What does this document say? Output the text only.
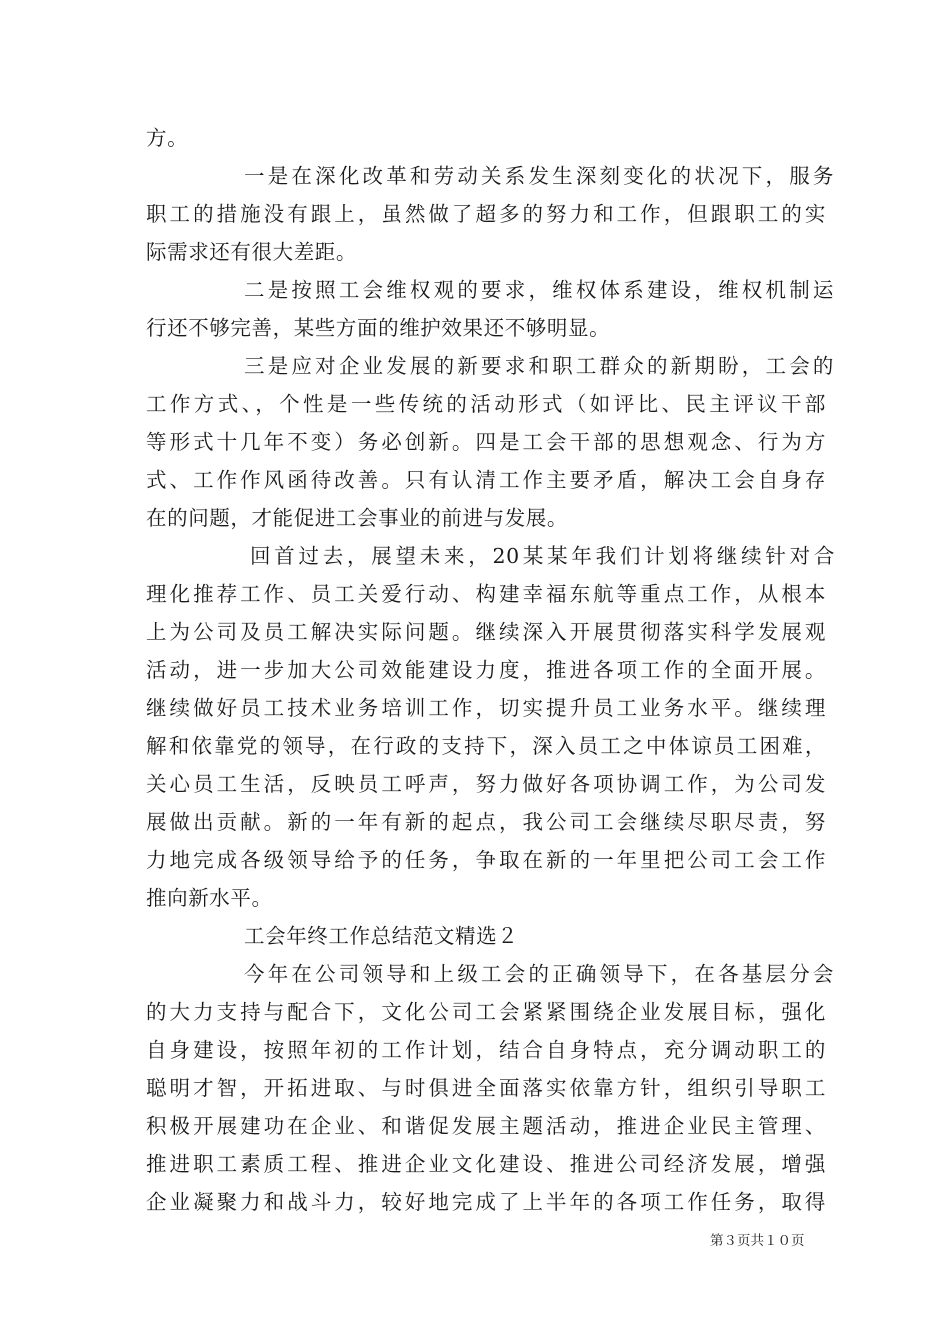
方。
一是在深化改革和劳动关系发生深刻变化的状况下，服务
职工的措施没有跟上，虽然做了超多的努力和工作，但跟职工的实
际需求还有很大差距。
二是按照工会维权观的要求，维权体系建设，维权机制运
行还不够完善，某些方面的维护效果还不够明显。
三是应对企业发展的新要求和职工群众的新期盼，工会的
工作方式、，个性是一些传统的活动形式（如评比、民主评议干部
等形式十几年不变）务必创新。四是工会干部的思想观念、行为方
式、工作作风函待改善。只有认清工作主要矛盾，解决工会自身存
在的问题，才能促进工会事业的前进与发展。
回首过去，展望未来，20某某年我们计划将继续针对合
理化推荐工作、员工关爱行动、构建幸福东航等重点工作，从根本
上为公司及员工解决实际问题。继续深入开展贯彻落实科学发展观
活动，进一步加大公司效能建设力度，推进各项工作的全面开展。
继续做好员工技术业务培训工作，切实提升员工业务水平。继续理
解和依靠党的领导，在行政的支持下，深入员工之中体谅员工困难，
关心员工生活，反映员工呼声，努力做好各项协调工作，为公司发
展做出贡献。新的一年有新的起点，我公司工会继续尽职尽责，努
力地完成各级领导给予的任务，争取在新的一年里把公司工会工作
推向新水平。
工会年终工作总结范文精选２
今年在公司领导和上级工会的正确领导下，在各基层分会
的大力支持与配合下，文化公司工会紧紧围绕企业发展目标，强化
自身建设，按照年初的工作计划，结合自身特点，充分调动职工的
聪明才智，开拓进取、与时俱进全面落实依靠方针，组织引导职工
积极开展建功在企业、和谐促发展主题活动，推进企业民主管理、
推进职工素质工程、推进企业文化建设、推进公司经济发展，增强
企业凝聚力和战斗力，较好地完成了上半年的各项工作任务，取得
第３页共１０页
